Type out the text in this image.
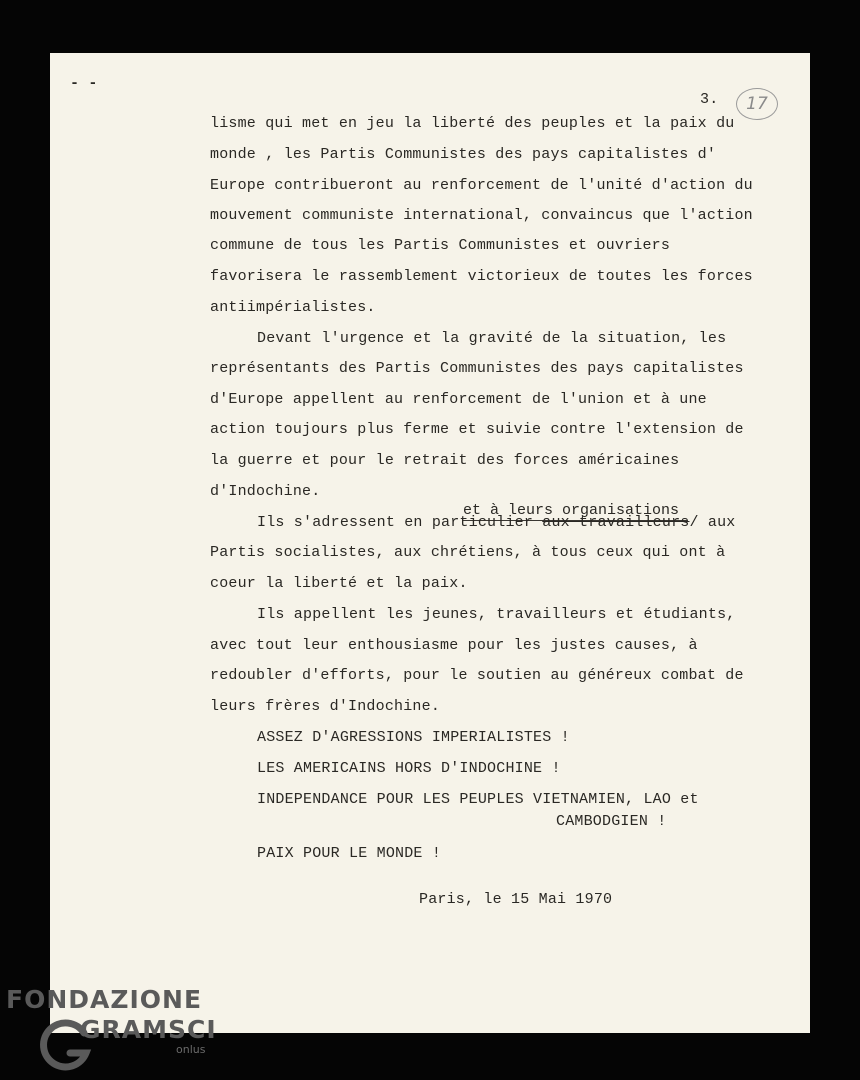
- -
3.	17
lisme qui met en jeu la liberté des peuples et la paix du
monde , les Partis Communistes des pays capitalistes d'
Europe contribueront au renforcement de l'unité d'action du
mouvement communiste international, convaincus que l'action
commune de tous les Partis Communistes et ouvriers
favorisera le rassemblement victorieux de toutes les forces
antiimpérialistes.
Devant l'urgence et la gravité de la situation, les
représentants des Partis Communistes des pays capitalistes
d'Europe appellent au renforcement de l'union et à une
action toujours plus ferme et suivie contre l'extension de
la guerre et pour le retrait des forces américaines
d'Indochine.
et à leurs organisations
Ils s'adressent en particulier aux travailleurs/ aux
Partis socialistes, aux chrétiens, à tous ceux qui ont à
coeur la liberté et la paix.
Ils appellent les jeunes, travailleurs et étudiants,
avec tout leur enthousiasme pour les justes causes, à
redoubler d'efforts, pour le soutien au généreux combat de
leurs frères d'Indochine.
ASSEZ D'AGRESSIONS IMPERIALISTES !
LES AMERICAINS HORS D'INDOCHINE !
INDEPENDANCE POUR LES PEUPLES VIETNAMIEN, LAO et
CAMBODGIEN !
PAIX POUR LE MONDE !
Paris, le 15 Mai 1970
FONDAZIONE
GRAMSCI
onlus
